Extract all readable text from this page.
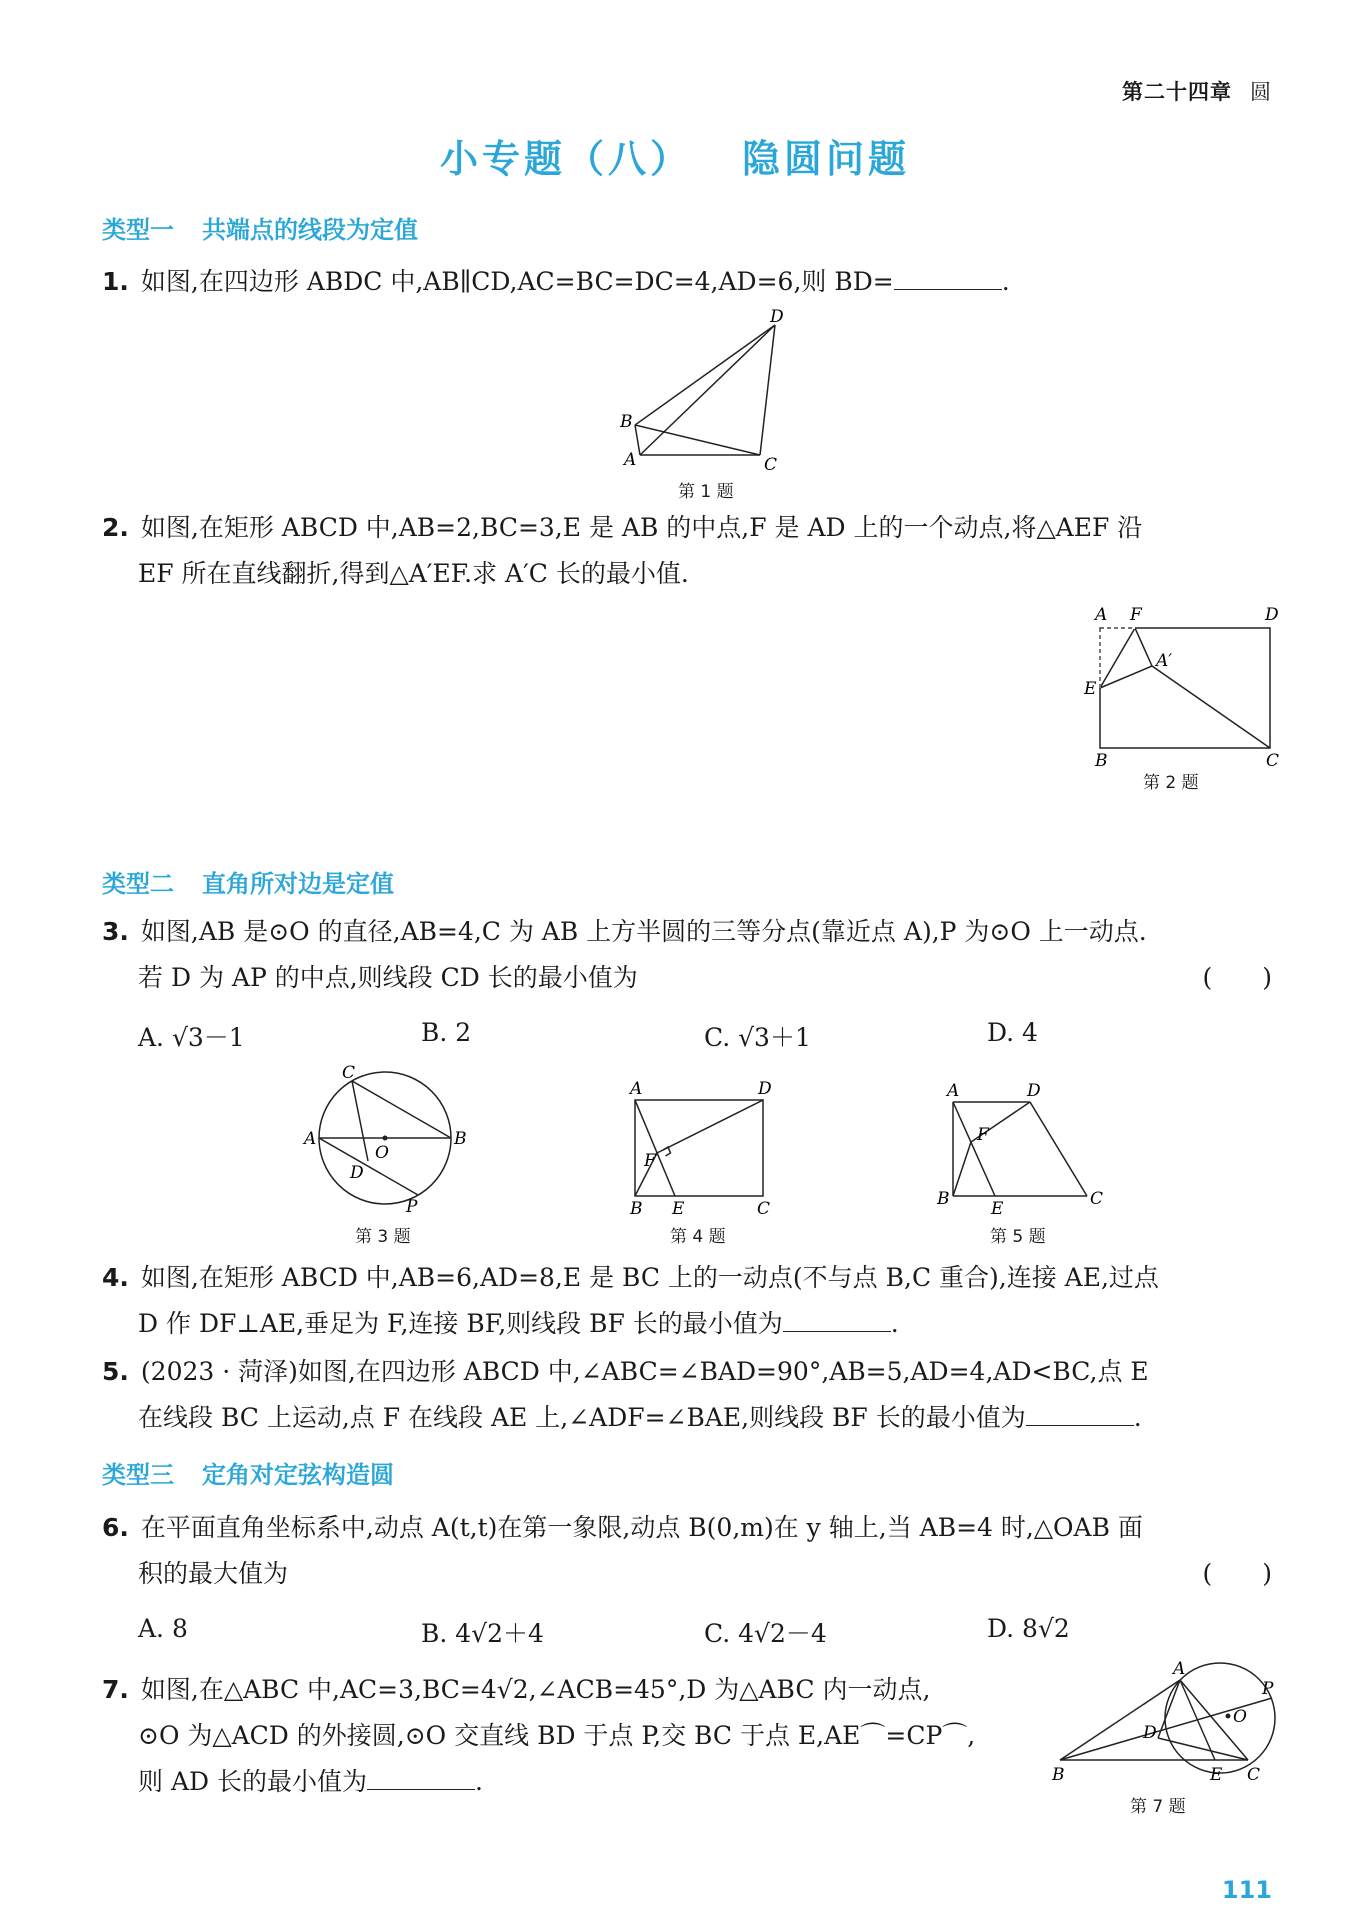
第二十四章 圆
小专题（八） 隐圆问题
类型一 共端点的线段为定值
1. 如图,在四边形 ABDC 中,AB∥CD,AC=BC=DC=4,AD=6,则 BD=	.
A
B
C
D
第 1 题
2. 如图,在矩形 ABCD 中,AB=2,BC=3,E 是 AB 的中点,F 是 AD 上的一个动点,将△AEF 沿
EF 所在直线翻折,得到△A′EF.求 A′C 长的最小值.
A F	D
E
A′
B	C
第 2 题
类型二 直角所对边是定值
3. 如图,AB 是⊙O 的直径,AB=4,C 为 AB 上方半圆的三等分点(靠近点 A),P 为⊙O 上一动点.
若 D 为 AP 的中点,则线段 CD 长的最小值为	(　　)
A. √3－1	B. 2	C. √3＋1	D. 4
C
A	B
O
D
P
第 3 题
A	D
F
B E	C
第 4 题
A	D
F
B E	C
第 5 题
4. 如图,在矩形 ABCD 中,AB=6,AD=8,E 是 BC 上的一动点(不与点 B,C 重合),连接 AE,过点
D 作 DF⊥AE,垂足为 F,连接 BF,则线段 BF 长的最小值为	.
5. (2023 · 菏泽)如图,在四边形 ABCD 中,∠ABC=∠BAD=90°,AB=5,AD=4,AD<BC,点 E
在线段 BC 上运动,点 F 在线段 AE 上,∠ADF=∠BAE,则线段 BF 长的最小值为	.
类型三 定角对定弦构造圆
6. 在平面直角坐标系中,动点 A(t,t)在第一象限,动点 B(0,m)在 y 轴上,当 AB=4 时,△OAB 面
积的最大值为	(　　)
A. 8	B. 4√2＋4	C. 4√2－4	D. 8√2
7. 如图,在△ABC 中,AC=3,BC=4√2,∠ACB=45°,D 为△ABC 内一动点,
⊙O 为△ACD 的外接圆,⊙O 交直线 BD 于点 P,交 BC 于点 E,AE⌒=CP⌒,
则 AD 长的最小值为	.	B
A
D
O
P
E C
第 7 题
111
